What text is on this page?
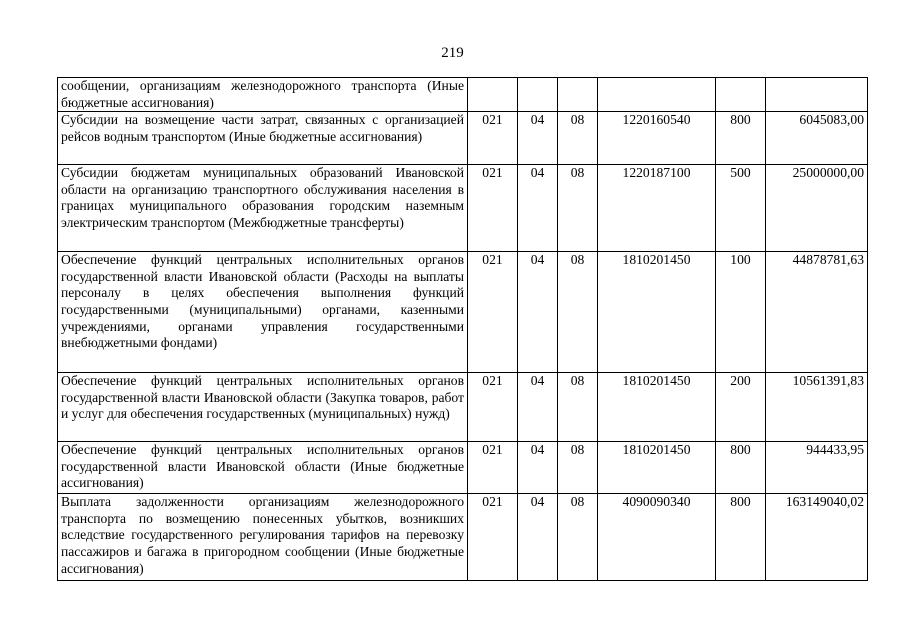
219
сообщении, организациям железнодорожного транспорта (Иные бюджетные ассигнования)						
Субсидии на возмещение части затрат, связанных с организацией рейсов водным транспортом (Иные бюджетные ассигнования)	021	04	08	1220160540	800	6045083,00
Субсидии бюджетам муниципальных образований Ивановской области на организацию транспортного обслуживания населения в границах муниципального образования городским наземным электрическим транспортом (Межбюджетные трансферты)	021	04	08	1220187100	500	25000000,00
Обеспечение функций центральных исполнительных органов государственной власти Ивановской области (Расходы на выплаты персоналу в целях обеспечения выполнения функций государственными (муниципальными) органами, казенными учреждениями, органами управления государственными внебюджетными фондами)	021	04	08	1810201450	100	44878781,63
Обеспечение функций центральных исполнительных органов государственной власти Ивановской области (Закупка товаров, работ и услуг для обеспечения государственных (муниципальных) нужд)	021	04	08	1810201450	200	10561391,83
Обеспечение функций центральных исполнительных органов государственной власти Ивановской области (Иные бюджетные ассигнования)	021	04	08	1810201450	800	944433,95
Выплата задолженности организациям железнодорожного транспорта по возмещению понесенных убытков, возникших вследствие государственного регулирования тарифов на перевозку пассажиров и багажа в пригородном сообщении (Иные бюджетные ассигнования)	021	04	08	4090090340	800	163149040,02
